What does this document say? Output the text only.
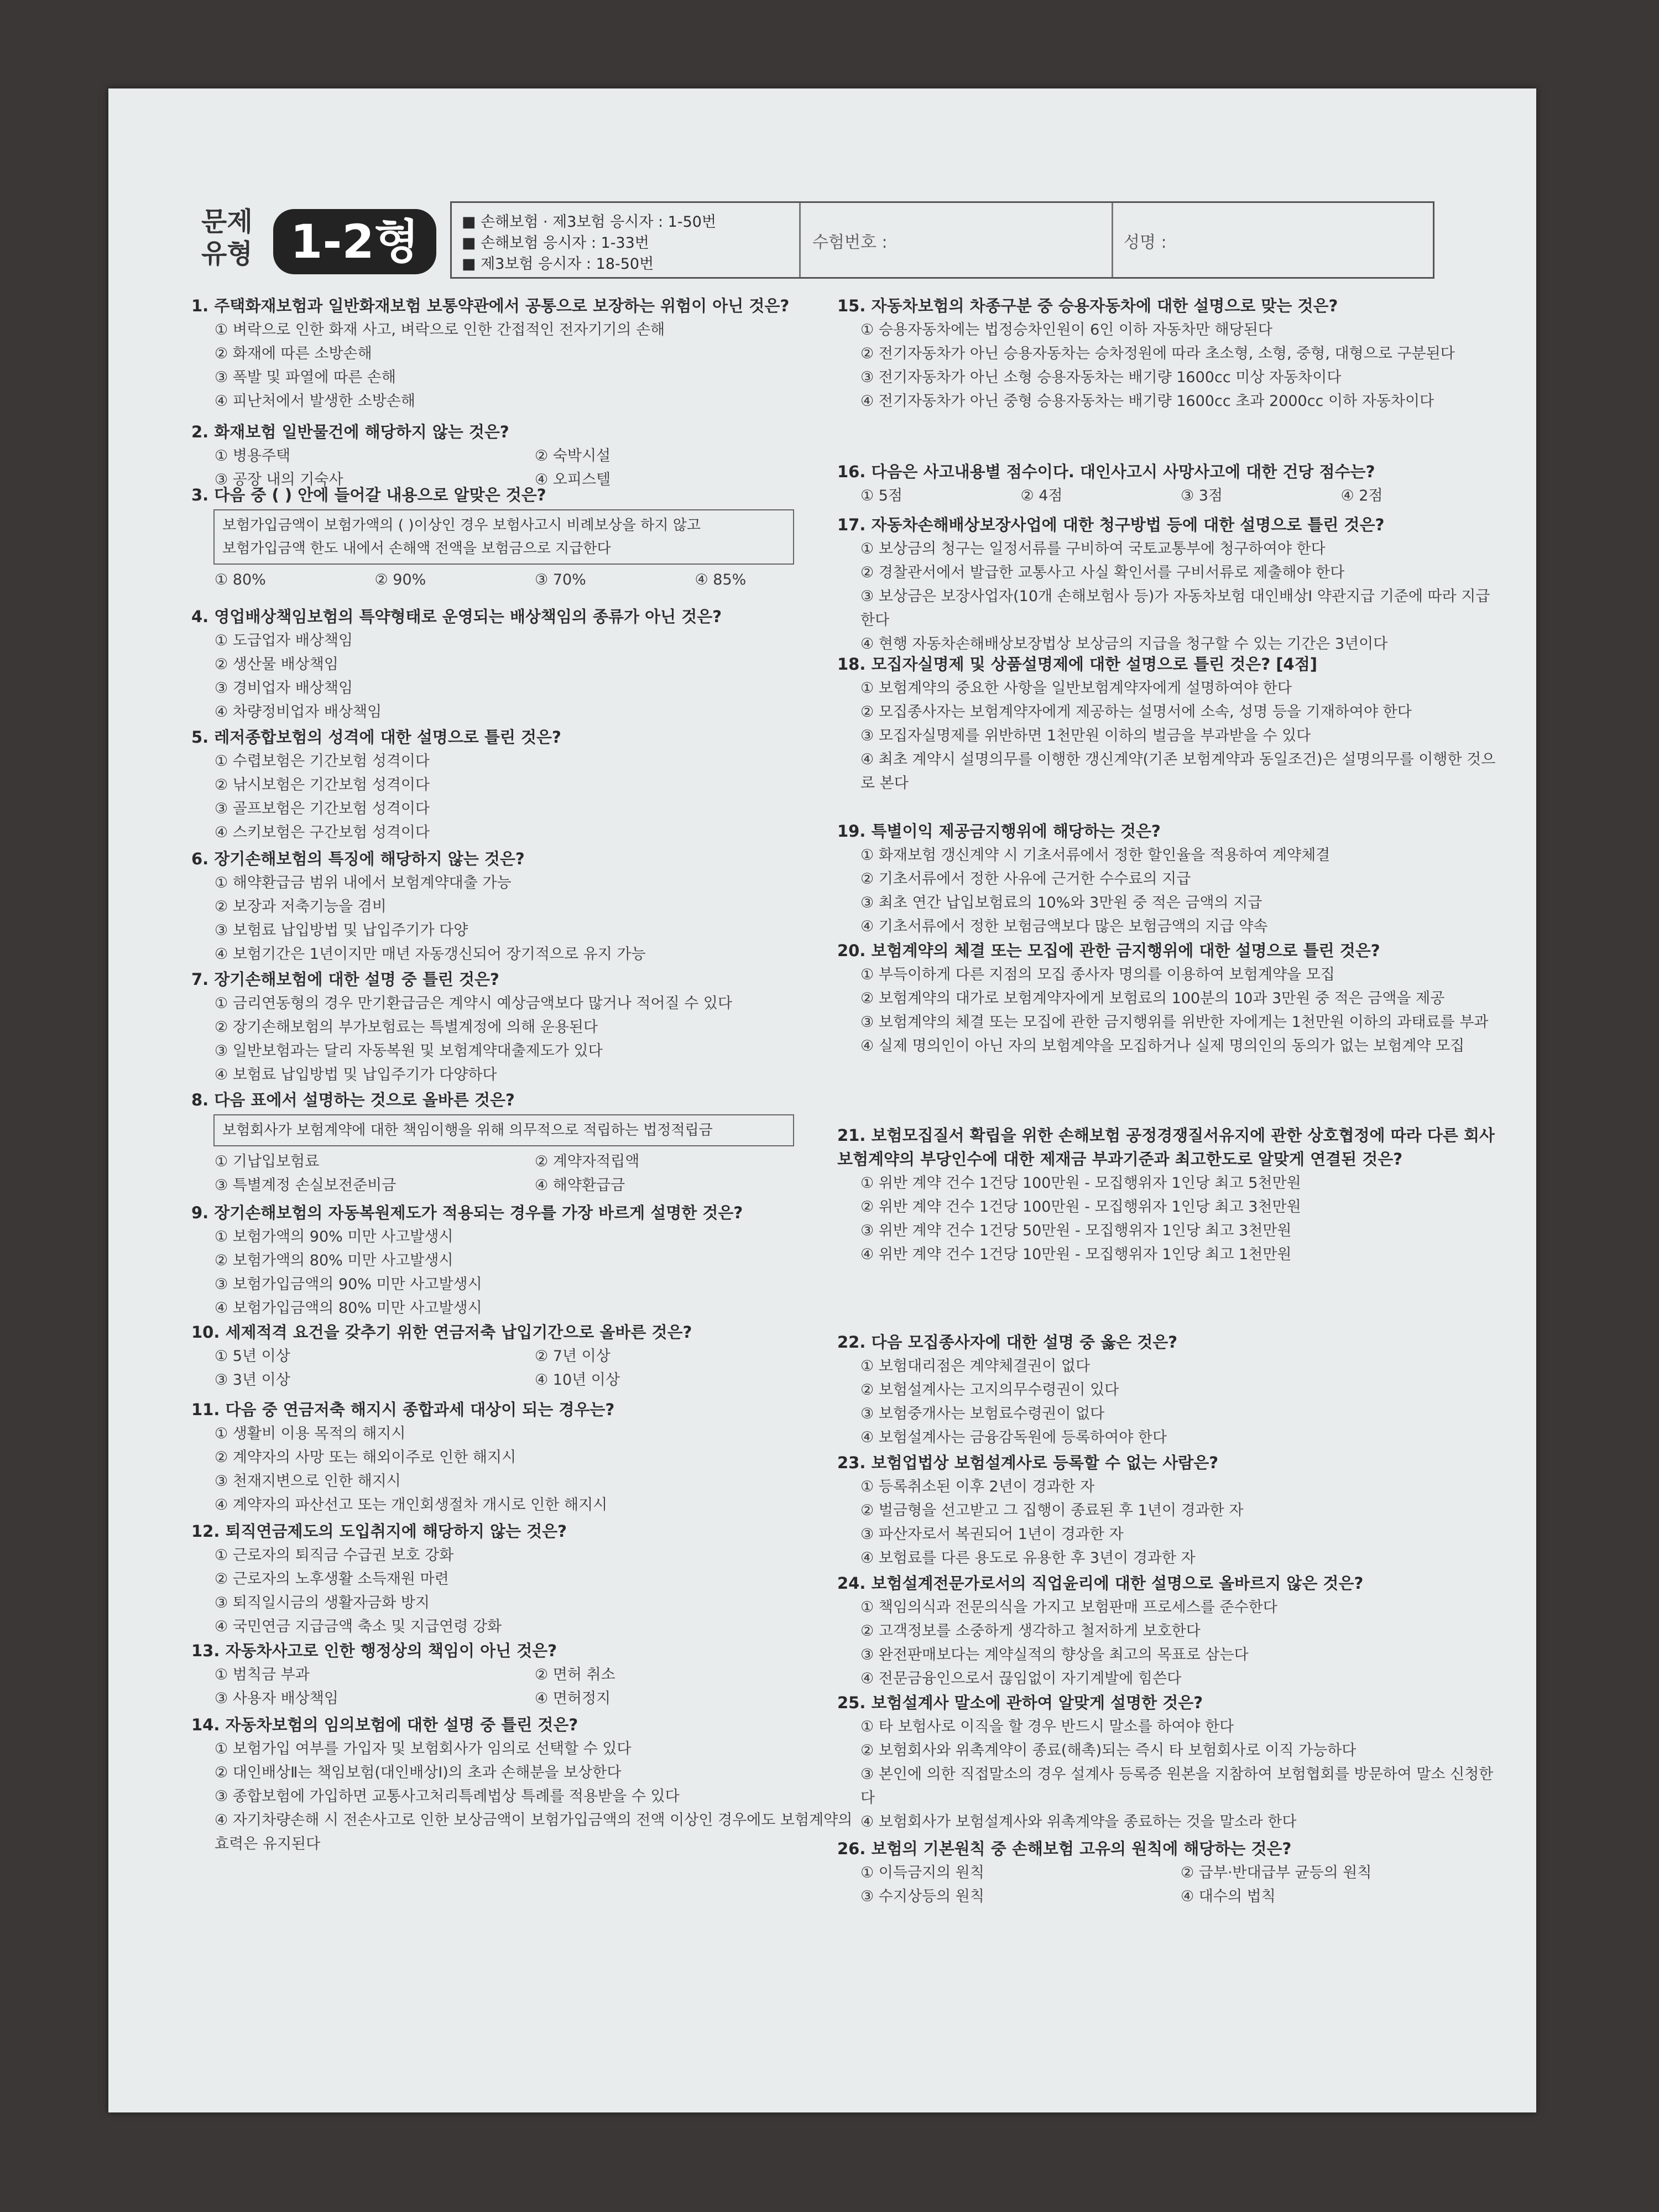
문제
유형 1-2형	■ 손해보험 · 제3보험 응시자 : 1-50번
■ 손해보험 응시자 : 1-33번
■ 제3보험 응시자 : 18-50번
수험번호 :	성명 :
1. 주택화재보험과 일반화재보험 보통약관에서 공통으로 보장하는 위험이 아닌 것은?
① 벼락으로 인한 화재 사고, 벼락으로 인한 간접적인 전자기기의 손해
② 화재에 따른 소방손해
③ 폭발 및 파열에 따른 손해
④ 피난처에서 발생한 소방손해
2. 화재보험 일반물건에 해당하지 않는 것은?
① 병용주택	② 숙박시설
③ 공장 내의 기숙사	④ 오피스텔
3. 다음 중 ( ) 안에 들어갈 내용으로 알맞은 것은?
보험가입금액이 보험가액의 ( )이상인 경우 보험사고시 비례보상을 하지 않고
보험가입금액 한도 내에서 손해액 전액을 보험금으로 지급한다
① 80%	② 90%	③ 70%	④ 85%
4. 영업배상책임보험의 특약형태로 운영되는 배상책임의 종류가 아닌 것은?
① 도급업자 배상책임
② 생산물 배상책임
③ 경비업자 배상책임
④ 차량정비업자 배상책임
5. 레저종합보험의 성격에 대한 설명으로 틀린 것은?
① 수렵보험은 기간보험 성격이다
② 낚시보험은 기간보험 성격이다
③ 골프보험은 기간보험 성격이다
④ 스키보험은 구간보험 성격이다
6. 장기손해보험의 특징에 해당하지 않는 것은?
① 해약환급금 범위 내에서 보험계약대출 가능
② 보장과 저축기능을 겸비
③ 보험료 납입방법 및 납입주기가 다양
④ 보험기간은 1년이지만 매년 자동갱신되어 장기적으로 유지 가능
7. 장기손해보험에 대한 설명 중 틀린 것은?
① 금리연동형의 경우 만기환급금은 계약시 예상금액보다 많거나 적어질 수 있다
② 장기손해보험의 부가보험료는 특별계정에 의해 운용된다
③ 일반보험과는 달리 자동복원 및 보험계약대출제도가 있다
④ 보험료 납입방법 및 납입주기가 다양하다
8. 다음 표에서 설명하는 것으로 올바른 것은?
보험회사가 보험계약에 대한 책임이행을 위해 의무적으로 적립하는 법정적립금
① 기납입보험료	② 계약자적립액
③ 특별계정 손실보전준비금	④ 해약환급금
9. 장기손해보험의 자동복원제도가 적용되는 경우를 가장 바르게 설명한 것은?
① 보험가액의 90% 미만 사고발생시
② 보험가액의 80% 미만 사고발생시
③ 보험가입금액의 90% 미만 사고발생시
④ 보험가입금액의 80% 미만 사고발생시
10. 세제적격 요건을 갖추기 위한 연금저축 납입기간으로 올바른 것은?
① 5년 이상	② 7년 이상
③ 3년 이상	④ 10년 이상
11. 다음 중 연금저축 해지시 종합과세 대상이 되는 경우는?
① 생활비 이용 목적의 해지시
② 계약자의 사망 또는 해외이주로 인한 해지시
③ 천재지변으로 인한 해지시
④ 계약자의 파산선고 또는 개인회생절차 개시로 인한 해지시
12. 퇴직연금제도의 도입취지에 해당하지 않는 것은?
① 근로자의 퇴직금 수급권 보호 강화
② 근로자의 노후생활 소득재원 마련
③ 퇴직일시금의 생활자금화 방지
④ 국민연금 지급금액 축소 및 지급연령 강화
13. 자동차사고로 인한 행정상의 책임이 아닌 것은?
① 범칙금 부과	② 면허 취소
③ 사용자 배상책임	④ 면허정지
14. 자동차보험의 임의보험에 대한 설명 중 틀린 것은?
① 보험가입 여부를 가입자 및 보험회사가 임의로 선택할 수 있다
② 대인배상Ⅱ는 책임보험(대인배상Ⅰ)의 초과 손해분을 보상한다
③ 종합보험에 가입하면 교통사고처리특례법상 특례를 적용받을 수 있다
④ 자기차량손해 시 전손사고로 인한 보상금액이 보험가입금액의 전액 이상인 경우에도 보험계약의 효력은 유지된다
15. 자동차보험의 차종구분 중 승용자동차에 대한 설명으로 맞는 것은?
① 승용자동차에는 법정승차인원이 6인 이하 자동차만 해당된다
② 전기자동차가 아닌 승용자동차는 승차정원에 따라 초소형, 소형, 중형, 대형으로 구분된다
③ 전기자동차가 아닌 소형 승용자동차는 배기량 1600cc 미상 자동차이다
④ 전기자동차가 아닌 중형 승용자동차는 배기량 1600cc 초과 2000cc 이하 자동차이다
16. 다음은 사고내용별 점수이다. 대인사고시 사망사고에 대한 건당 점수는?
① 5점	② 4점	③ 3점	④ 2점
17. 자동차손해배상보장사업에 대한 청구방법 등에 대한 설명으로 틀린 것은?
① 보상금의 청구는 일정서류를 구비하여 국토교통부에 청구하여야 한다
② 경찰관서에서 발급한 교통사고 사실 확인서를 구비서류로 제출해야 한다
③ 보상금은 보장사업자(10개 손해보험사 등)가 자동차보험 대인배상Ⅰ 약관지급 기준에 따라 지급한다
④ 현행 자동차손해배상보장법상 보상금의 지급을 청구할 수 있는 기간은 3년이다
18. 모집자실명제 및 상품설명제에 대한 설명으로 틀린 것은? [4점]
① 보험계약의 중요한 사항을 일반보험계약자에게 설명하여야 한다
② 모집종사자는 보험계약자에게 제공하는 설명서에 소속, 성명 등을 기재하여야 한다
③ 모집자실명제를 위반하면 1천만원 이하의 벌금을 부과받을 수 있다
④ 최초 계약시 설명의무를 이행한 갱신계약(기존 보험계약과 동일조건)은 설명의무를 이행한 것으로 본다
19. 특별이익 제공금지행위에 해당하는 것은?
① 화재보험 갱신계약 시 기초서류에서 정한 할인율을 적용하여 계약체결
② 기초서류에서 정한 사유에 근거한 수수료의 지급
③ 최초 연간 납입보험료의 10%와 3만원 중 적은 금액의 지급
④ 기초서류에서 정한 보험금액보다 많은 보험금액의 지급 약속
20. 보험계약의 체결 또는 모집에 관한 금지행위에 대한 설명으로 틀린 것은?
① 부득이하게 다른 지점의 모집 종사자 명의를 이용하여 보험계약을 모집
② 보험계약의 대가로 보험계약자에게 보험료의 100분의 10과 3만원 중 적은 금액을 제공
③ 보험계약의 체결 또는 모집에 관한 금지행위를 위반한 자에게는 1천만원 이하의 과태료를 부과
④ 실제 명의인이 아닌 자의 보험계약을 모집하거나 실제 명의인의 동의가 없는 보험계약 모집
21. 보험모집질서 확립을 위한 손해보험 공정경쟁질서유지에 관한 상호협정에 따라 다른 회사 보험계약의 부당인수에 대한 제재금 부과기준과 최고한도로 알맞게 연결된 것은?
① 위반 계약 건수 1건당 100만원 - 모집행위자 1인당 최고 5천만원
② 위반 계약 건수 1건당 100만원 - 모집행위자 1인당 최고 3천만원
③ 위반 계약 건수 1건당 50만원 - 모집행위자 1인당 최고 3천만원
④ 위반 계약 건수 1건당 10만원 - 모집행위자 1인당 최고 1천만원
22. 다음 모집종사자에 대한 설명 중 옳은 것은?
① 보험대리점은 계약체결권이 없다
② 보험설계사는 고지의무수령권이 있다
③ 보험중개사는 보험료수령권이 없다
④ 보험설계사는 금융감독원에 등록하여야 한다
23. 보험업법상 보험설계사로 등록할 수 없는 사람은?
① 등록취소된 이후 2년이 경과한 자
② 벌금형을 선고받고 그 집행이 종료된 후 1년이 경과한 자
③ 파산자로서 복권되어 1년이 경과한 자
④ 보험료를 다른 용도로 유용한 후 3년이 경과한 자
24. 보험설계전문가로서의 직업윤리에 대한 설명으로 올바르지 않은 것은?
① 책임의식과 전문의식을 가지고 보험판매 프로세스를 준수한다
② 고객정보를 소중하게 생각하고 철저하게 보호한다
③ 완전판매보다는 계약실적의 향상을 최고의 목표로 삼는다
④ 전문금융인으로서 끊임없이 자기계발에 힘쓴다
25. 보험설계사 말소에 관하여 알맞게 설명한 것은?
① 타 보험사로 이직을 할 경우 반드시 말소를 하여야 한다
② 보험회사와 위촉계약이 종료(해촉)되는 즉시 타 보험회사로 이직 가능하다
③ 본인에 의한 직접말소의 경우 설계사 등록증 원본을 지참하여 보험협회를 방문하여 말소 신청한다
④ 보험회사가 보험설계사와 위촉계약을 종료하는 것을 말소라 한다
26. 보험의 기본원칙 중 손해보험 고유의 원칙에 해당하는 것은?
① 이득금지의 원칙	② 급부·반대급부 균등의 원칙
③ 수지상등의 원칙	④ 대수의 법칙
